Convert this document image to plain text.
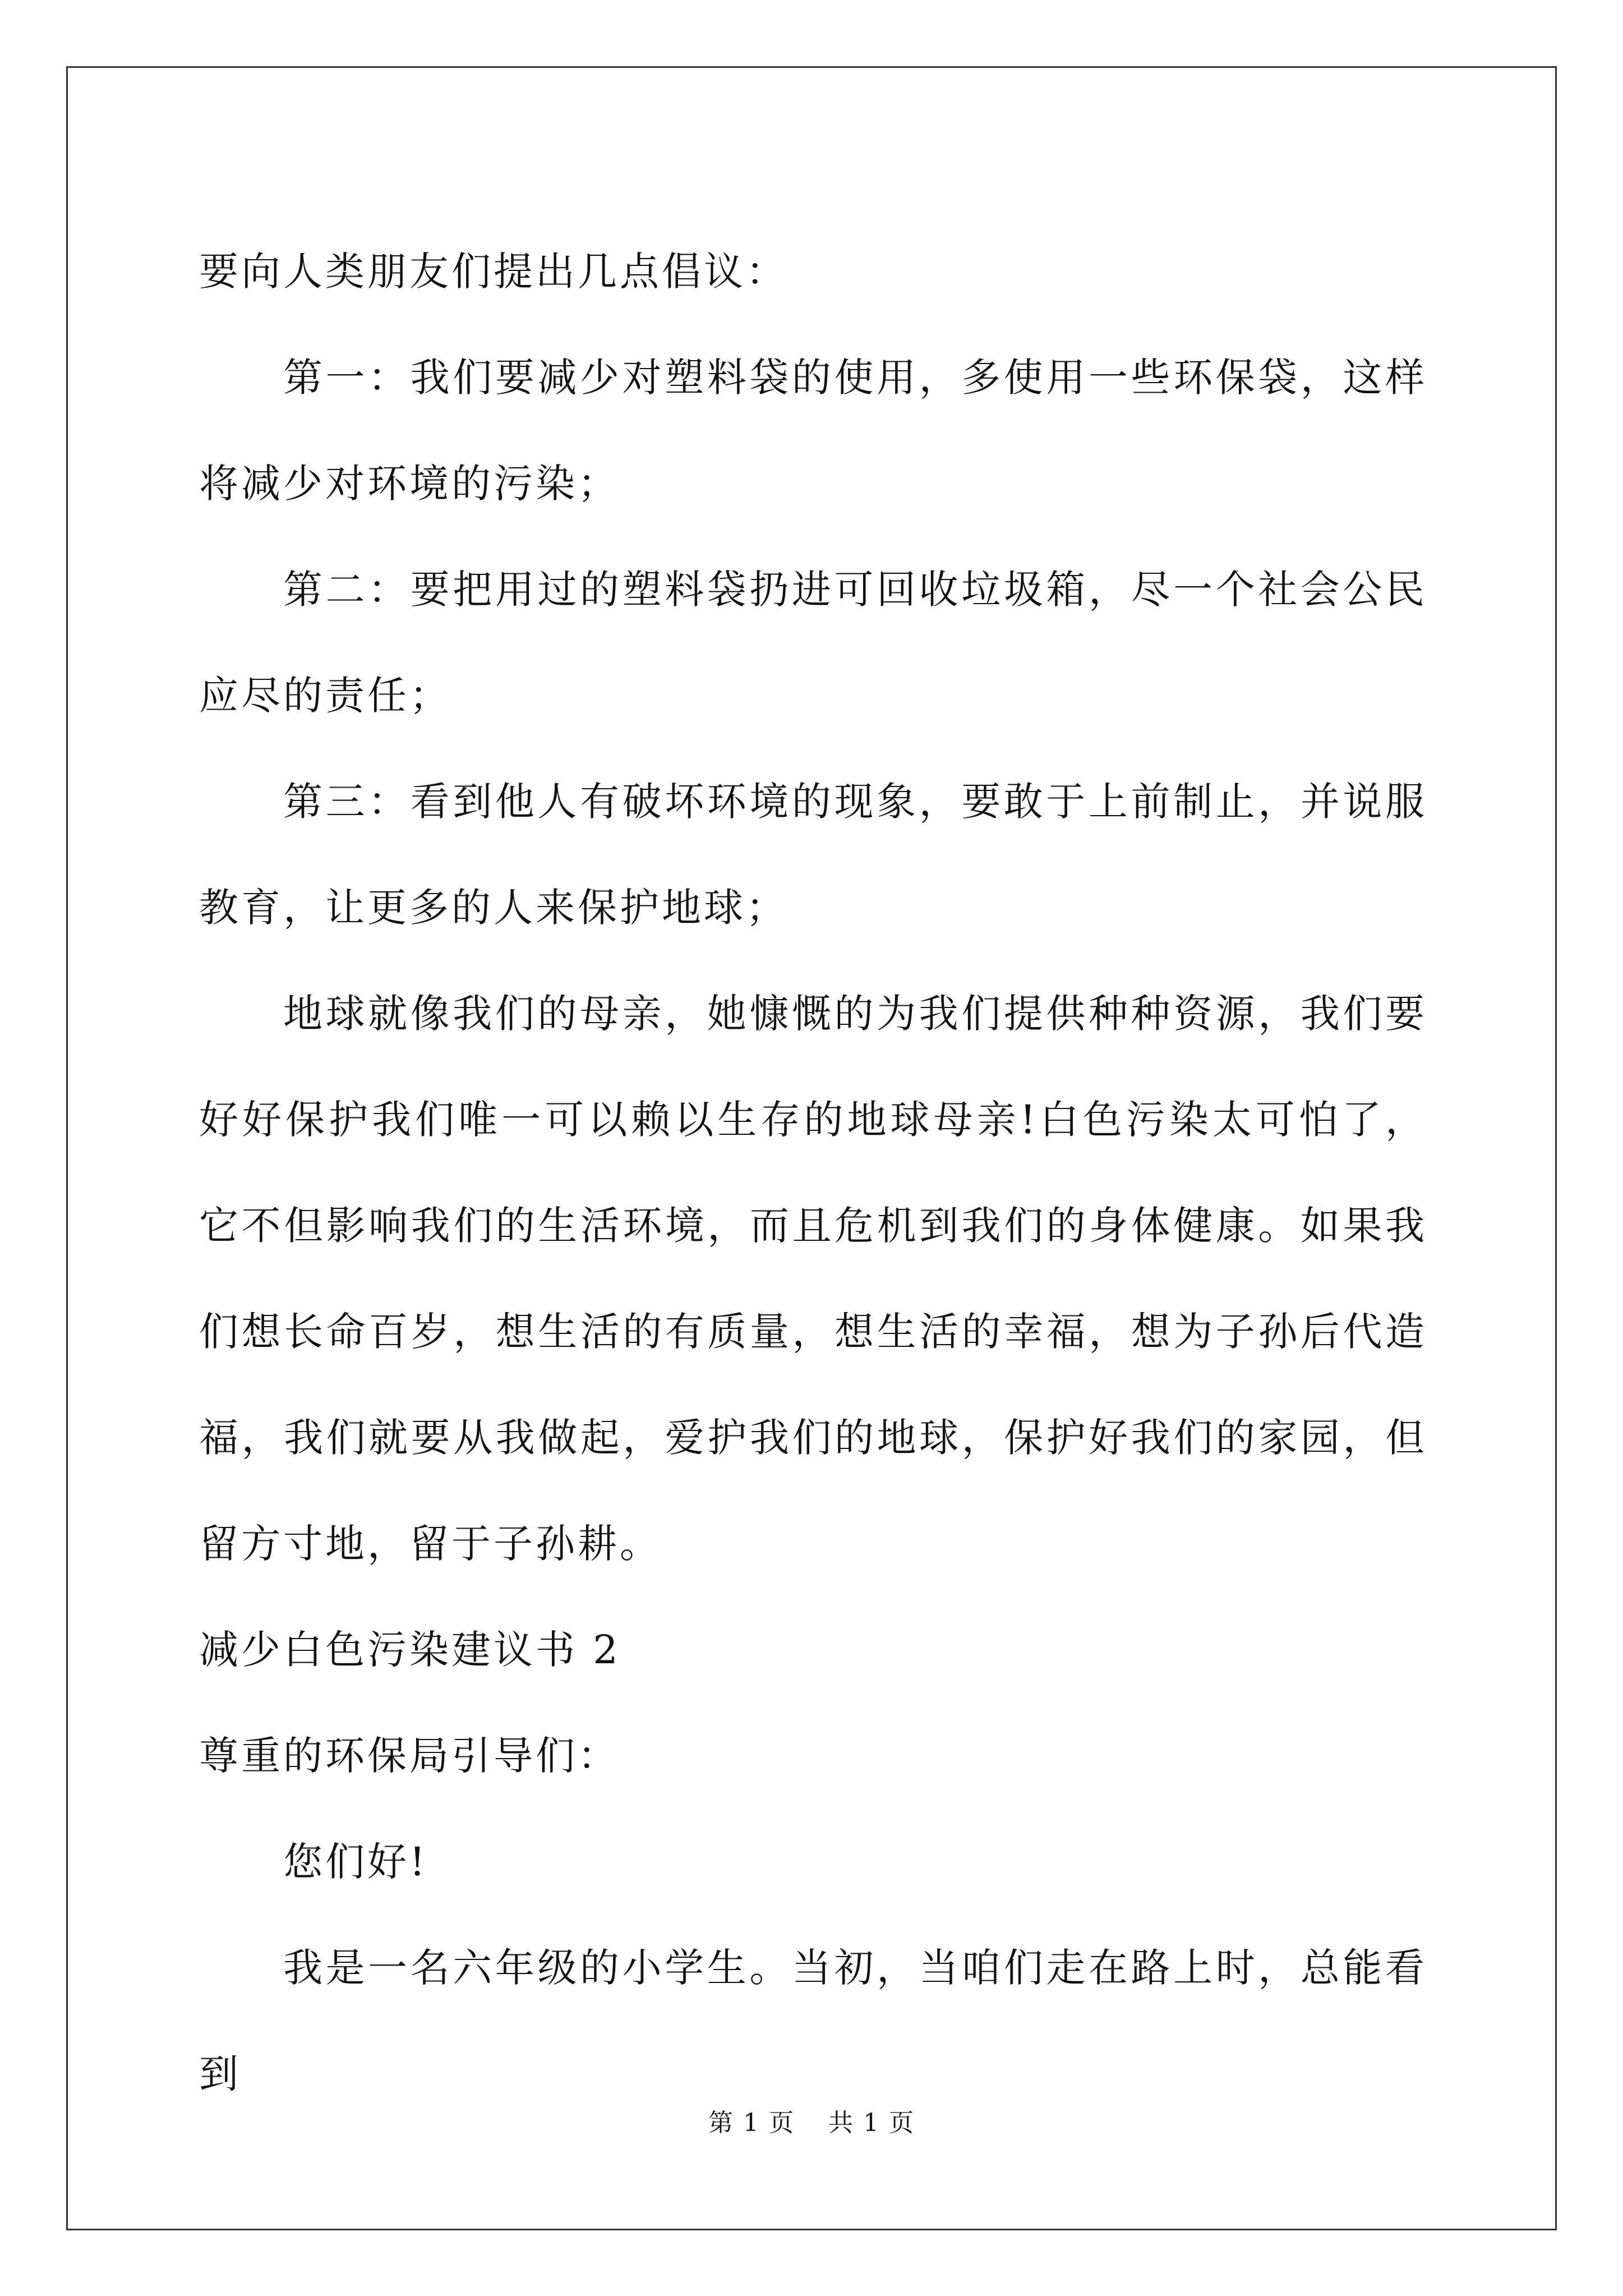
要向人类朋友们提出几点倡议：

第一：我们要减少对塑料袋的使用，多使用一些环保袋，这样将减少对环境的污染；

第二：要把用过的塑料袋扔进可回收垃圾箱，尽一个社会公民应尽的责任；

第三：看到他人有破坏环境的现象，要敢于上前制止，并说服教育，让更多的人来保护地球；

地球就像我们的母亲，她慷慨的为我们提供种种资源，我们要好好保护我们唯一可以赖以生存的地球母亲!白色污染太可怕了，它不但影响我们的生活环境，而且危机到我们的身体健康。如果我们想长命百岁，想生活的有质量，想生活的幸福，想为子孙后代造福，我们就要从我做起，爱护我们的地球，保护好我们的家园，但留方寸地，留于子孙耕。

减少白色污染建议书 2

尊重的环保局引导们：

您们好!

我是一名六年级的小学生。当初，当咱们走在路上时，总能看到

第 1 页 共 1 页
